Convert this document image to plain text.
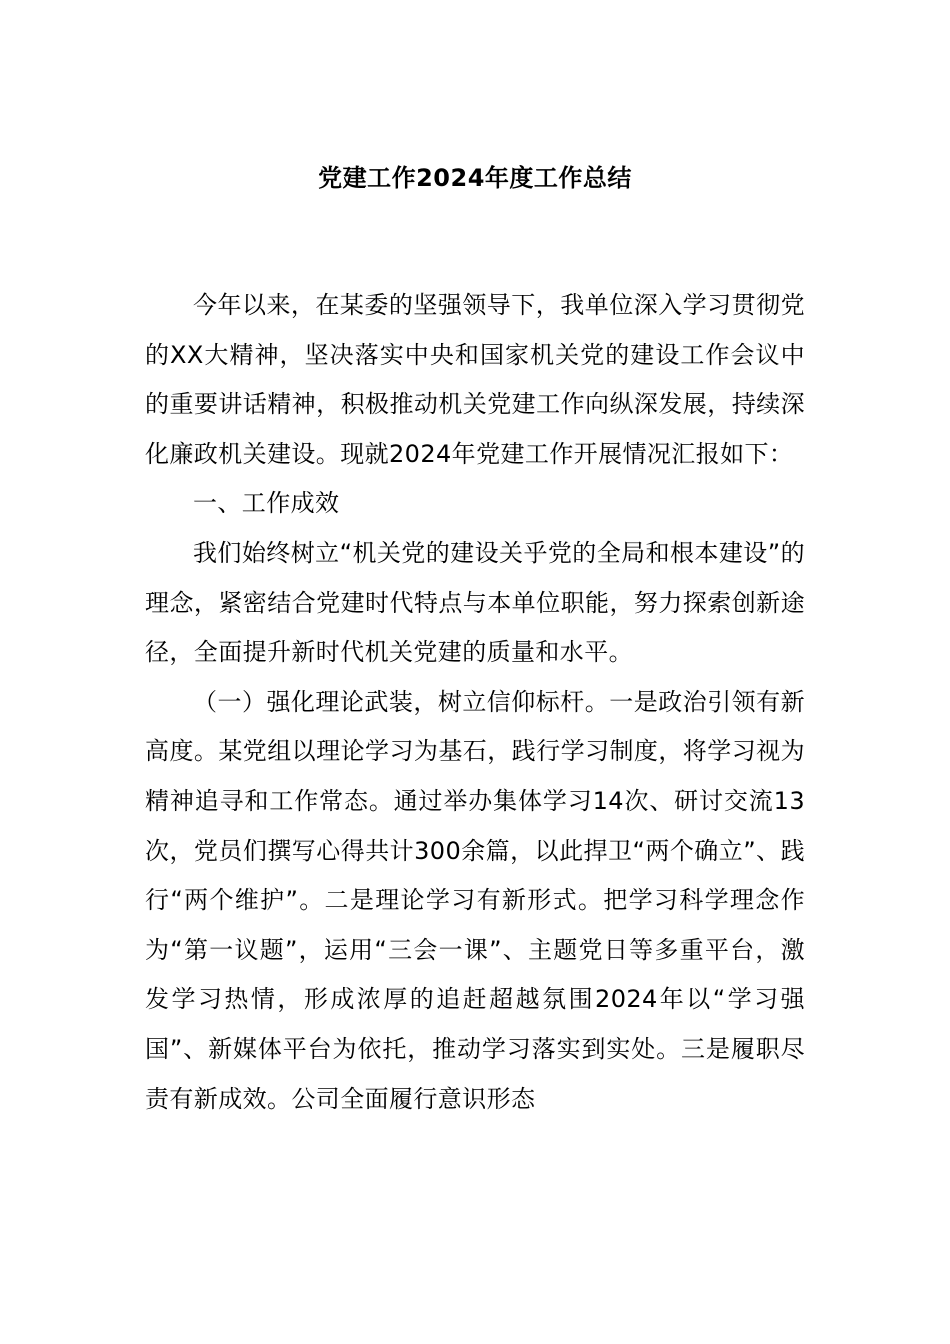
党建工作2024年度工作总结

今年以来，在某委的坚强领导下，我单位深入学习贯彻党的XX大精神，坚决落实中央和国家机关党的建设工作会议中的重要讲话精神，积极推动机关党建工作向纵深发展，持续深化廉政机关建设。现就2024年党建工作开展情况汇报如下：

一、工作成效

我们始终树立“机关党的建设关乎党的全局和根本建设”的理念，紧密结合党建时代特点与本单位职能，努力探索创新途径，全面提升新时代机关党建的质量和水平。

（一）强化理论武装，树立信仰标杆。一是政治引领有新高度。某党组以理论学习为基石，践行学习制度，将学习视为精神追寻和工作常态。通过举办集体学习14次、研讨交流13次，党员们撰写心得共计300余篇，以此捍卫“两个确立”、践行“两个维护”。二是理论学习有新形式。把学习科学理念作为“第一议题”，运用“三会一课”、主题党日等多重平台，激发学习热情，形成浓厚的追赶超越氛围2024年以“学习强国”、新媒体平台为依托，推动学习落实到实处。三是履职尽责有新成效。公司全面履行意识形态
